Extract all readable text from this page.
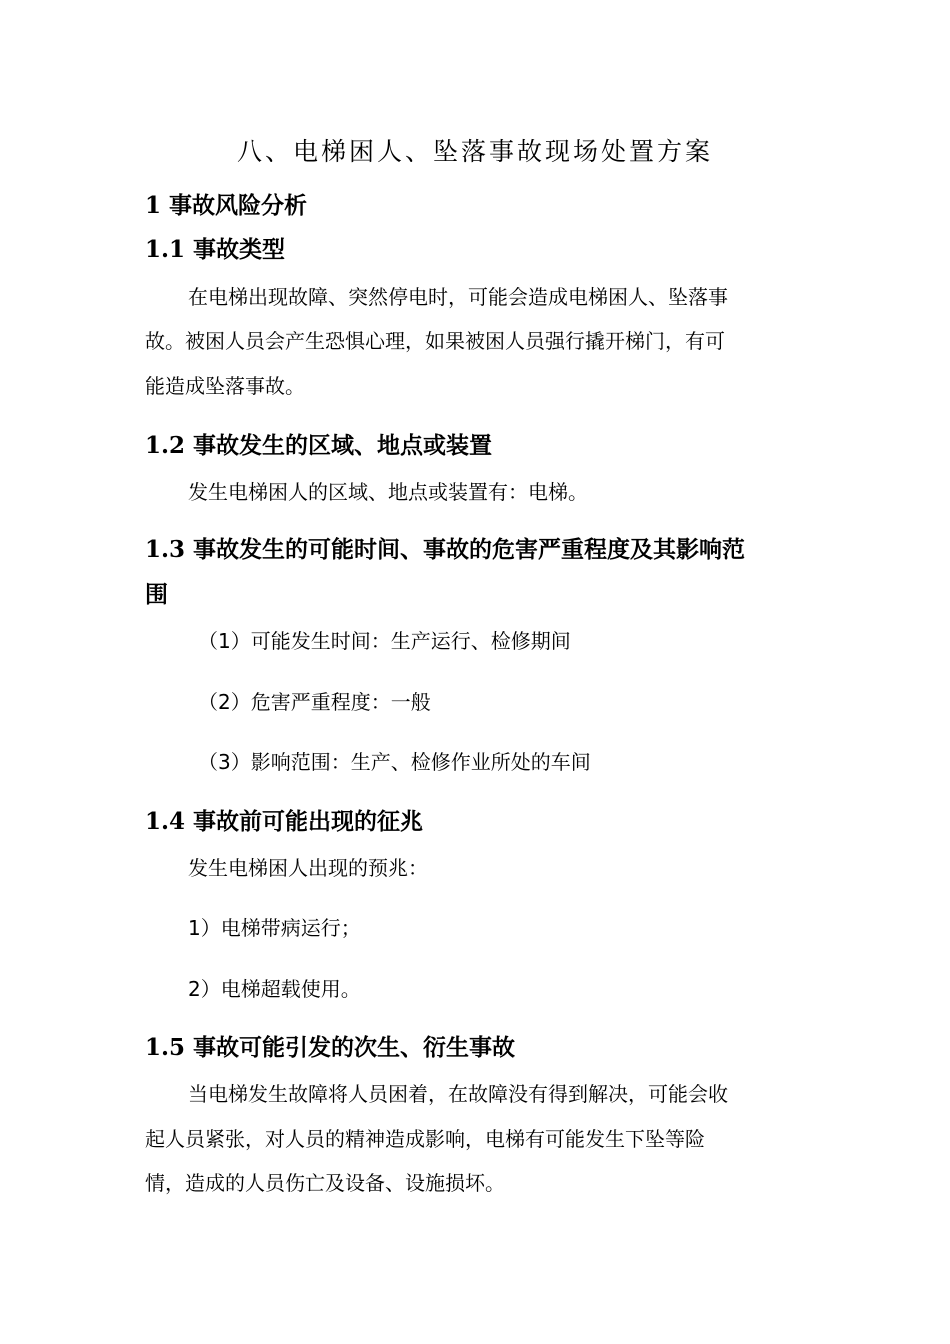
八、电梯困人、坠落事故现场处置方案
1 事故风险分析
1.1 事故类型
在电梯出现故障、突然停电时，可能会造成电梯困人、坠落事
故。被困人员会产生恐惧心理，如果被困人员强行撬开梯门，有可
能造成坠落事故。
1.2 事故发生的区域、地点或装置
发生电梯困人的区域、地点或装置有：电梯。
1.3 事故发生的可能时间、事故的危害严重程度及其影响范
围
（1）可能发生时间：生产运行、检修期间
（2）危害严重程度：一般
（3）影响范围：生产、检修作业所处的车间
1.4 事故前可能出现的征兆
发生电梯困人出现的预兆：
1）电梯带病运行；
2）电梯超载使用。
1.5 事故可能引发的次生、衍生事故
当电梯发生故障将人员困着，在故障没有得到解决，可能会收
起人员紧张，对人员的精神造成影响，电梯有可能发生下坠等险
情，造成的人员伤亡及设备、设施损坏。
